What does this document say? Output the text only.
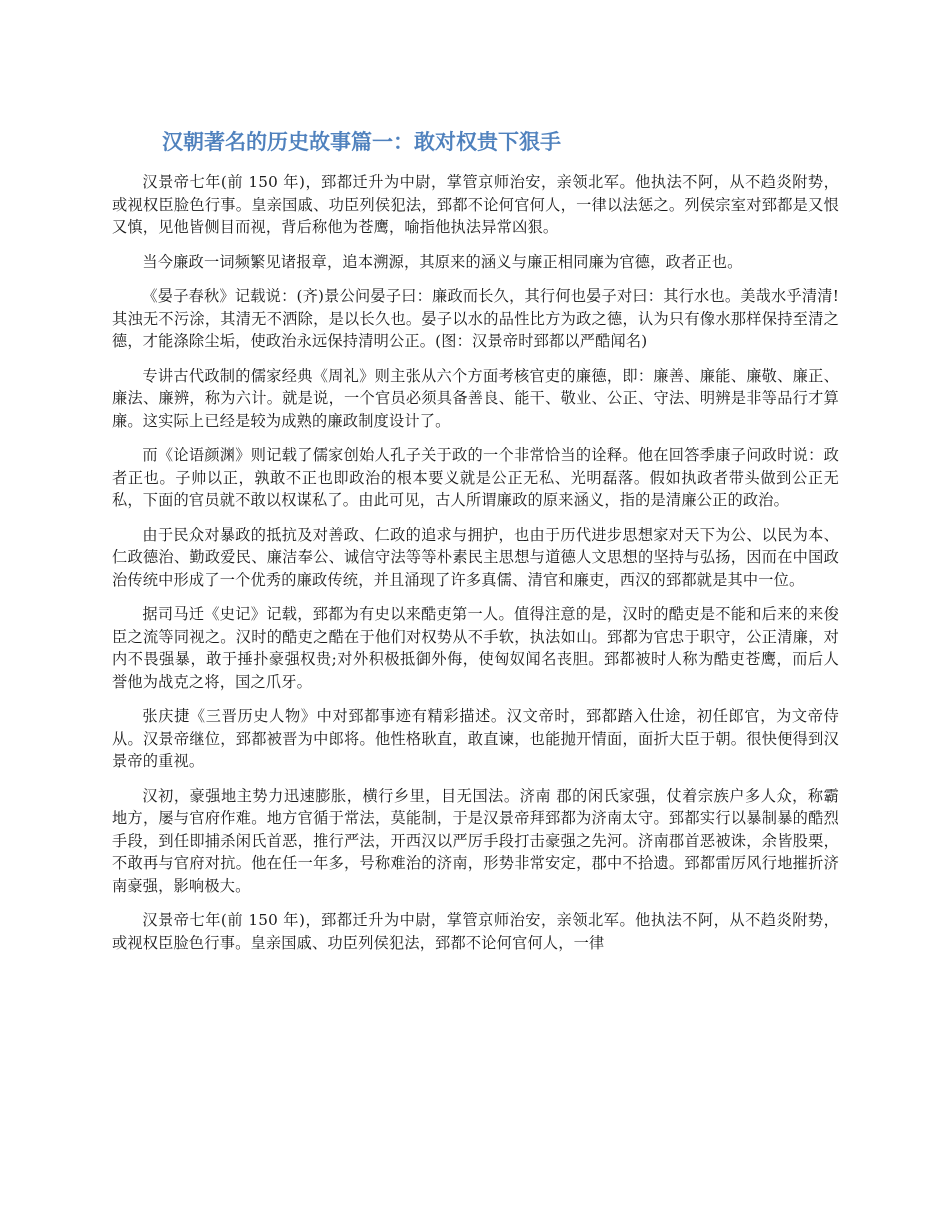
汉朝著名的历史故事篇一：敢对权贵下狠手

汉景帝七年(前 150 年)，郅都迁升为中尉，掌管京师治安，亲领北军。他执法不阿，从不趋炎附势，或视权臣脸色行事。皇亲国戚、功臣列侯犯法，郅都不论何官何人，一律以法惩之。列侯宗室对郅都是又恨又慎，见他皆侧目而视，背后称他为苍鹰，喻指他执法异常凶狠。

当今廉政一词频繁见诸报章，追本溯源，其原来的涵义与廉正相同廉为官德，政者正也。

《晏子春秋》记载说：(齐)景公问晏子曰：廉政而长久，其行何也晏子对曰：其行水也。美哉水乎清清!其浊无不污涂，其清无不洒除，是以长久也。晏子以水的品性比方为政之德，认为只有像水那样保持至清之德，才能涤除尘垢，使政治永远保持清明公正。(图：汉景帝时郅都以严酷闻名)

专讲古代政制的儒家经典《周礼》则主张从六个方面考核官吏的廉德，即：廉善、廉能、廉敬、廉正、廉法、廉辨，称为六计。就是说，一个官员必须具备善良、能干、敬业、公正、守法、明辨是非等品行才算廉。这实际上已经是较为成熟的廉政制度设计了。

而《论语颜渊》则记载了儒家创始人孔子关于政的一个非常恰当的诠释。他在回答季康子问政时说：政者正也。子帅以正，孰敢不正也即政治的根本要义就是公正无私、光明磊落。假如执政者带头做到公正无私，下面的官员就不敢以权谋私了。由此可见，古人所谓廉政的原来涵义，指的是清廉公正的政治。

由于民众对暴政的抵抗及对善政、仁政的追求与拥护，也由于历代进步思想家对天下为公、以民为本、仁政德治、勤政爱民、廉洁奉公、诚信守法等等朴素民主思想与道德人文思想的坚持与弘扬，因而在中国政治传统中形成了一个优秀的廉政传统，并且涌现了许多真儒、清官和廉吏，西汉的郅都就是其中一位。

据司马迁《史记》记载，郅都为有史以来酷吏第一人。值得注意的是，汉时的酷吏是不能和后来的来俊臣之流等同视之。汉时的酷吏之酷在于他们对权势从不手软，执法如山。郅都为官忠于职守，公正清廉，对内不畏强暴，敢于捶扑豪强权贵;对外积极抵御外侮，使匈奴闻名丧胆。郅都被时人称为酷吏苍鹰，而后人誉他为战克之将，国之爪牙。

张庆捷《三晋历史人物》中对郅都事迹有精彩描述。汉文帝时，郅都踏入仕途，初任郎官，为文帝侍从。汉景帝继位，郅都被晋为中郎将。他性格耿直，敢直谏，也能抛开情面，面折大臣于朝。很快便得到汉景帝的重视。

汉初，豪强地主势力迅速膨胀，横行乡里，目无国法。济南 郡的闲氏家强，仗着宗族户多人众，称霸地方，屡与官府作难。地方官循于常法，莫能制，于是汉景帝拜郅都为济南太守。郅都实行以暴制暴的酷烈手段，到任即捕杀闲氏首恶，推行严法，开西汉以严厉手段打击豪强之先河。济南郡首恶被诛，余皆股栗，不敢再与官府对抗。他在任一年多，号称难治的济南，形势非常安定，郡中不拾遗。郅都雷厉风行地摧折济南豪强，影响极大。

汉景帝七年(前 150 年)，郅都迁升为中尉，掌管京师治安，亲领北军。他执法不阿，从不趋炎附势，或视权臣脸色行事。皇亲国戚、功臣列侯犯法，郅都不论何官何人，一律
